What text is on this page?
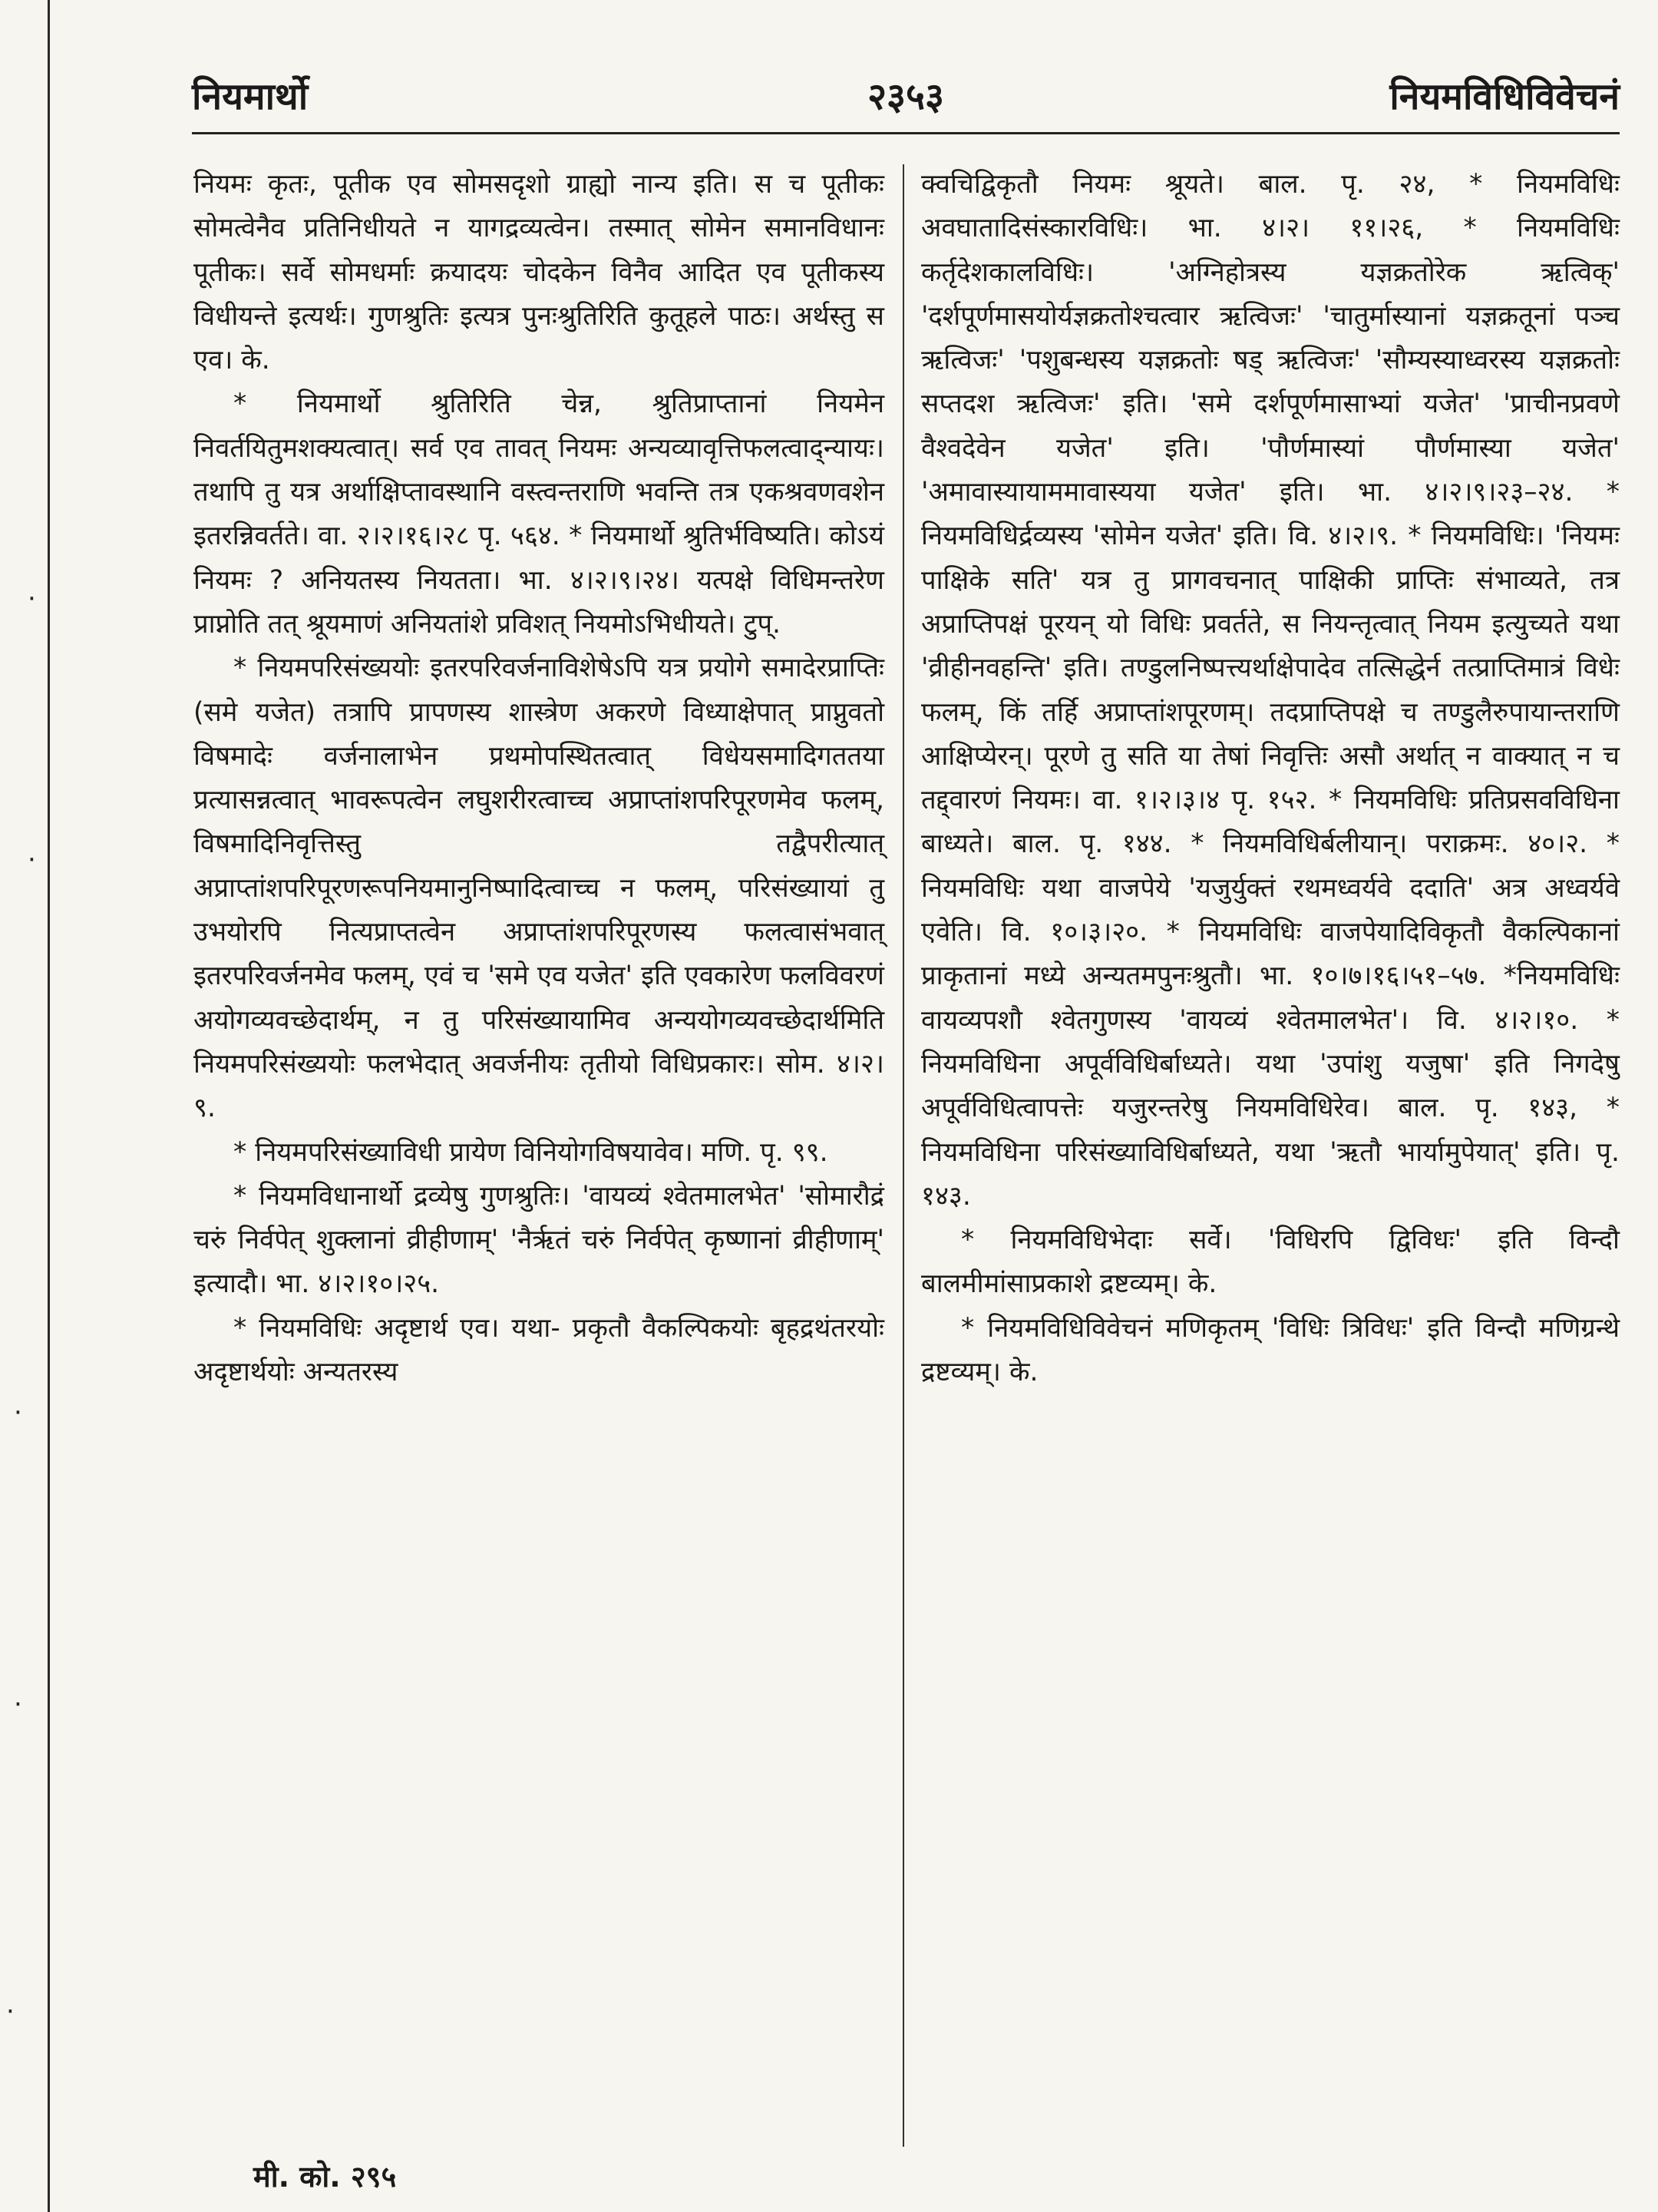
·
·
·
·
·
नियमार्थो	२३५३	नियमविधिविवेचनं

नियमः कृतः, पूतीक एव सोमसदृशो ग्राह्यो नान्य इति। स च पूतीकः सोमत्वेनैव प्रतिनिधीयते न यागद्रव्यत्वेन। तस्मात् सोमेन समानविधानः पूतीकः। सर्वे सोमधर्माः क्रयादयः चोदकेन विनैव आदित एव पूतीकस्य विधीयन्ते इत्यर्थः। गुणश्रुतिः इत्यत्र पुनःश्रुतिरिति कुतूहले पाठः। अर्थस्तु स एव। के.

* नियमार्थो श्रुतिरिति चेन्न, श्रुतिप्राप्तानां नियमेन निवर्तयितुमशक्यत्वात्। सर्व एव तावत् नियमः अन्यव्यावृत्तिफलत्वाद्न्यायः। तथापि तु यत्र अर्थाक्षिप्तावस्थानि वस्त्वन्तराणि भवन्ति तत्र एकश्रवणवशेन इतरन्निवर्तते। वा. २।२।१६।२८ पृ. ५६४. * नियमार्थो श्रुतिर्भविष्यति। कोऽयं नियमः ? अनियतस्य नियतता। भा. ४।२।९।२४। यत्पक्षे विधिमन्तरेण प्राप्नोति तत् श्रूयमाणं अनियतांशे प्रविशत् नियमोऽभिधीयते। टुप्.

* नियमपरिसंख्ययोः इतरपरिवर्जनाविशेषेऽपि यत्र प्रयोगे समादेरप्राप्तिः (समे यजेत) तत्रापि प्रापणस्य शास्त्रेण अकरणे विध्याक्षेपात् प्राप्नुवतो विषमादेः वर्जनालाभेन प्रथमोपस्थितत्वात् विधेयसमादिगततया प्रत्यासन्नत्वात् भावरूपत्वेन लघुशरीरत्वाच्च अप्राप्तांशपरिपूरणमेव फलम्, विषमादिनिवृत्तिस्तु तद्वैपरीत्यात् अप्राप्तांशपरिपूरणरूपनियमानुनिष्पादित्वाच्च न फलम्, परिसंख्यायां तु उभयोरपि नित्यप्राप्तत्वेन अप्राप्तांशपरिपूरणस्य फलत्वासंभवात् इतरपरिवर्जनमेव फलम्, एवं च 'समे एव यजेत' इति एवकारेण फलविवरणं अयोगव्यवच्छेदार्थम्, न तु परिसंख्यायामिव अन्ययोगव्यवच्छेदार्थमिति नियमपरिसंख्ययोः फलभेदात् अवर्जनीयः तृतीयो विधिप्रकारः। सोम. ४।२।९.

* नियमपरिसंख्याविधी प्रायेण विनियोगविषयावेव। मणि. पृ. ९९.

* नियमविधानार्थो द्रव्येषु गुणश्रुतिः। 'वायव्यं श्वेतमालभेत' 'सोमारौद्रं चरुं निर्वपेत् शुक्लानां व्रीहीणाम्' 'नैर्ऋतं चरुं निर्वपेत् कृष्णानां व्रीहीणाम्' इत्यादौ। भा. ४।२।१०।२५.

* नियमविधिः अदृष्टार्थ एव। यथा- प्रकृतौ वैकल्पिकयोः बृहद्रथंतरयोः अदृष्टार्थयोः अन्यतरस्य

क्वचिद्विकृतौ नियमः श्रूयते। बाल. पृ. २४, * नियमविधिः अवघातादिसंस्कारविधिः। भा. ४।२। ११।२६, * नियमविधिः कर्तृदेशकालविधिः। 'अग्निहोत्रस्य यज्ञक्रतोरेक ऋत्विक्' 'दर्शपूर्णमासयोर्यज्ञक्रतोश्चत्वार ऋत्विजः' 'चातुर्मास्यानां यज्ञक्रतूनां पञ्च ऋत्विजः' 'पशुबन्धस्य यज्ञक्रतोः षड् ऋत्विजः' 'सौम्यस्याध्वरस्य यज्ञक्रतोः सप्तदश ऋत्विजः' इति। 'समे दर्शपूर्णमासाभ्यां यजेत' 'प्राचीनप्रवणे वैश्वदेवेन यजेत' इति। 'पौर्णमास्यां पौर्णमास्या यजेत' 'अमावास्यायाममावास्यया यजेत' इति। भा. ४।२।९।२३–२४. * नियमविधिर्द्रव्यस्य 'सोमेन यजेत' इति। वि. ४।२।९. * नियमविधिः। 'नियमः पाक्षिके सति' यत्र तु प्रागवचनात् पाक्षिकी प्राप्तिः संभाव्यते, तत्र अप्राप्तिपक्षं पूरयन् यो विधिः प्रवर्तते, स नियन्तृत्वात् नियम इत्युच्यते यथा 'व्रीहीनवहन्ति' इति। तण्डुलनिष्पत्त्यर्थाक्षेपादेव तत्सिद्धेर्न तत्प्राप्तिमात्रं विधेः फलम्, किं तर्हि अप्राप्तांशपूरणम्। तदप्राप्तिपक्षे च तण्डुलैरुपायान्तराणि आक्षिप्येरन्। पूरणे तु सति या तेषां निवृत्तिः असौ अर्थात् न वाक्यात् न च तद्द्वारणं नियमः। वा. १।२।३।४ पृ. १५२. * नियमविधिः प्रतिप्रसवविधिना बाध्यते। बाल. पृ. १४४. * नियमविधिर्बलीयान्। पराक्रमः. ४०।२. * नियमविधिः यथा वाजपेये 'यजुर्युक्तं रथमध्वर्यवे ददाति' अत्र अध्वर्यवे एवेति। वि. १०।३।२०. * नियमविधिः वाजपेयादिविकृतौ वैकल्पिकानां प्राकृतानां मध्ये अन्यतमपुनःश्रुतौ। भा. १०।७।१६।५१–५७. *नियमविधिः वायव्यपशौ श्वेतगुणस्य 'वायव्यं श्वेतमालभेत'। वि. ४।२।१०. * नियमविधिना अपूर्वविधिर्बाध्यते। यथा 'उपांशु यजुषा' इति निगदेषु अपूर्वविधित्वापत्तेः यजुरन्तरेषु नियमविधिरेव। बाल. पृ. १४३, * नियमविधिना परिसंख्याविधिर्बाध्यते, यथा 'ऋतौ भार्यामुपेयात्' इति। पृ. १४३.

* नियमविधिभेदाः सर्वे। 'विधिरपि द्विविधः' इति विन्दौ बालमीमांसाप्रकाशे द्रष्टव्यम्। के.

* नियमविधिविवेचनं मणिकृतम् 'विधिः त्रिविधः' इति विन्दौ मणिग्रन्थे द्रष्टव्यम्। के.

मी. को. २९५
